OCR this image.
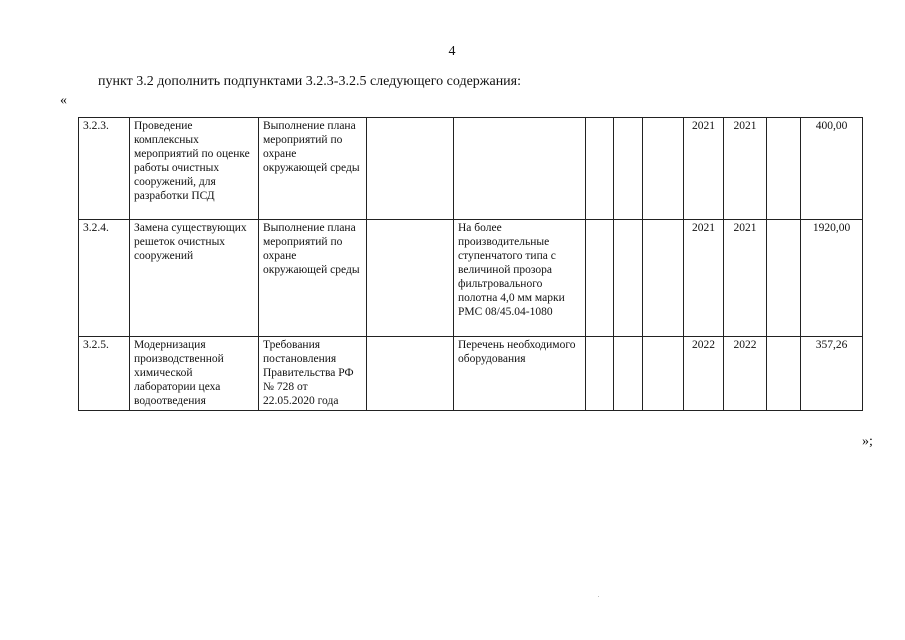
4
пункт 3.2 дополнить подпунктами 3.2.3-3.2.5 следующего содержания:
«
3.2.3.	Проведение комплексных мероприятий по оценке работы очистных сооружений, для разработки ПСД	Выполнение плана мероприятий по охране окружающей среды						2021	2021		400,00
3.2.4.	Замена существующих решеток очистных сооружений	Выполнение плана мероприятий по охране окружающей среды		На более производительные ступенчатого типа с величиной прозора фильтровального полотна 4,0 мм марки РМС 08/45.04-1080				2021	2021		1920,00
3.2.5.	Модернизация производственной химической лаборатории цеха водоотведения	Требования постановления Правительства РФ № 728 от 22.05.2020 года		Перечень необходимого оборудования				2022	2022		357,26
»;
